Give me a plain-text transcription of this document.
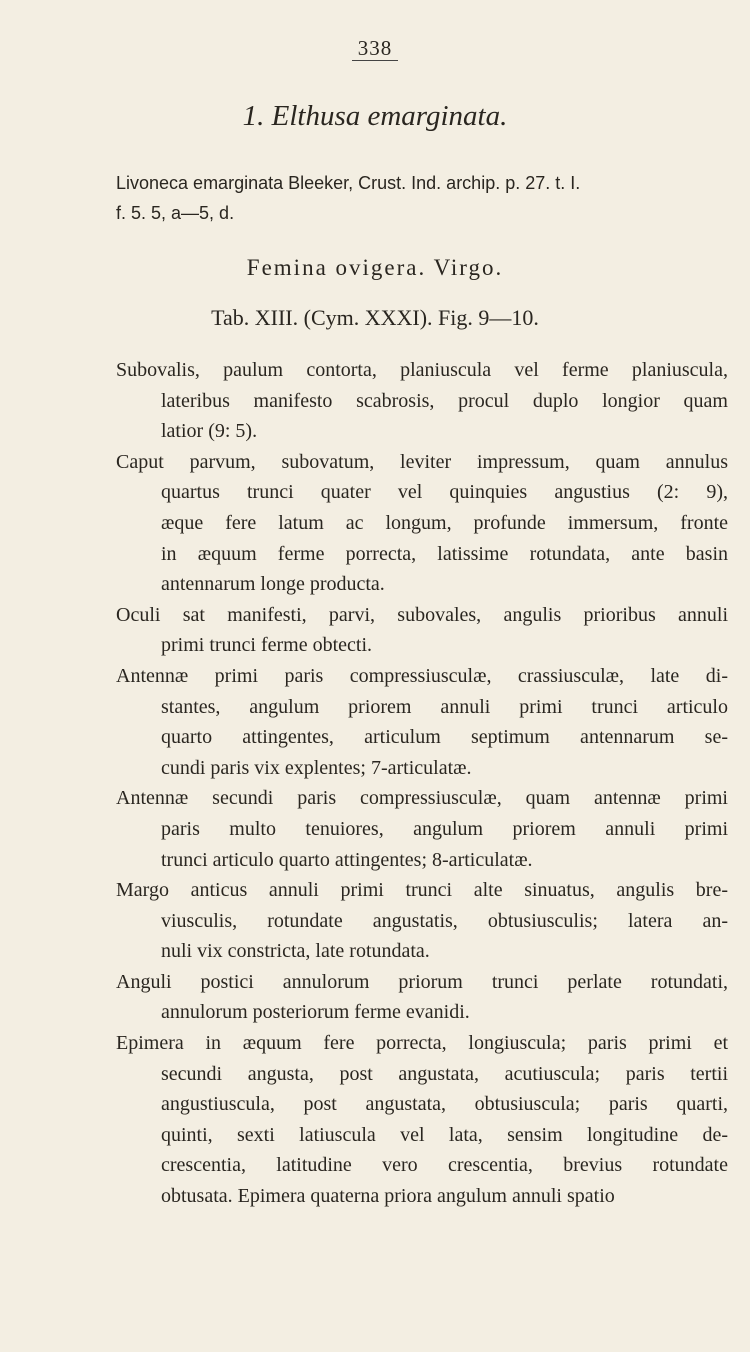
338
1. Elthusa emarginata.
Livoneca emarginata Bleeker, Crust. Ind. archip. p. 27. t. I.
f. 5. 5, a—5, d.
Femina ovigera. Virgo.
Tab. XIII. (Cym. XXXI). Fig. 9—10.
Subovalis, paulum contorta, planiuscula vel ferme planiuscula,
lateribus manifesto scabrosis, procul duplo longior quam
latior (9: 5).
Caput parvum, subovatum, leviter impressum, quam annulus
quartus trunci quater vel quinquies angustius (2: 9),
æque fere latum ac longum, profunde immersum, fronte
in æquum ferme porrecta, latissime rotundata, ante basin
antennarum longe producta.
Oculi sat manifesti, parvi, subovales, angulis prioribus annuli
primi trunci ferme obtecti.
Antennæ primi paris compressiusculæ, crassiusculæ, late di-
stantes, angulum priorem annuli primi trunci articulo
quarto attingentes, articulum septimum antennarum se-
cundi paris vix explentes; 7-articulatæ.
Antennæ secundi paris compressiusculæ, quam antennæ primi
paris multo tenuiores, angulum priorem annuli primi
trunci articulo quarto attingentes; 8-articulatæ.
Margo anticus annuli primi trunci alte sinuatus, angulis bre-
viusculis, rotundate angustatis, obtusiusculis; latera an-
nuli vix constricta, late rotundata.
Anguli postici annulorum priorum trunci perlate rotundati,
annulorum posteriorum ferme evanidi.
Epimera in æquum fere porrecta, longiuscula; paris primi et
secundi angusta, post angustata, acutiuscula; paris tertii
angustiuscula, post angustata, obtusiuscula; paris quarti,
quinti, sexti latiuscula vel lata, sensim longitudine de-
crescentia, latitudine vero crescentia, brevius rotundate
obtusata. Epimera quaterna priora angulum annuli spatio
